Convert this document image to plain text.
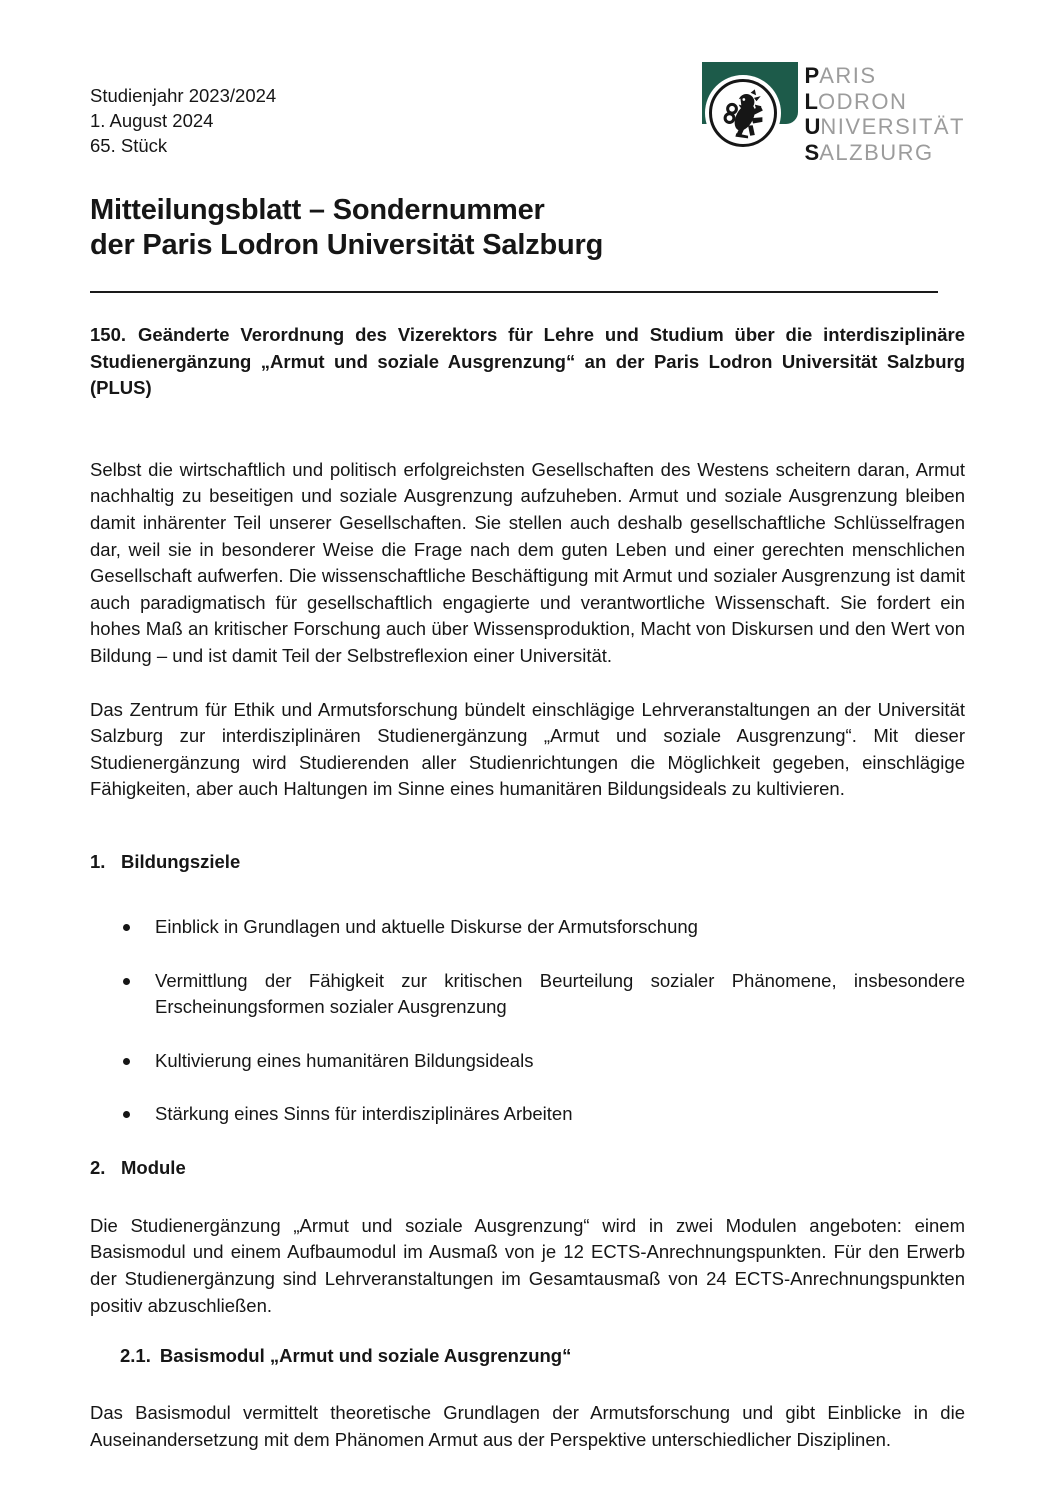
Studienjahr 2023/2024
1. August 2024
65. Stück
PARIS
LODRON
UNIVERSITÄT
SALZBURG
Mitteilungsblatt – Sondernummer
der Paris Lodron Universität Salzburg

150. Geänderte Verordnung des Vizerektors für Lehre und Studium über die interdisziplinäre Studienergänzung „Armut und soziale Ausgrenzung“ an der Paris Lodron Universität Salzburg (PLUS)

Selbst die wirtschaftlich und politisch erfolgreichsten Gesellschaften des Westens scheitern daran, Armut nachhaltig zu beseitigen und soziale Ausgrenzung aufzuheben. Armut und soziale Ausgrenzung bleiben damit inhärenter Teil unserer Gesellschaften. Sie stellen auch deshalb gesellschaftliche Schlüsselfragen dar, weil sie in besonderer Weise die Frage nach dem guten Leben und einer gerechten menschlichen Gesellschaft aufwerfen. Die wissenschaftliche Beschäftigung mit Armut und sozialer Ausgrenzung ist damit auch paradigmatisch für gesellschaftlich engagierte und verantwortliche Wissenschaft. Sie fordert ein hohes Maß an kritischer Forschung auch über Wissensproduktion, Macht von Diskursen und den Wert von Bildung – und ist damit Teil der Selbstreflexion einer Universität.

Das Zentrum für Ethik und Armutsforschung bündelt einschlägige Lehrveranstaltungen an der Universität Salzburg zur interdisziplinären Studienergänzung „Armut und soziale Ausgrenzung“. Mit dieser Studienergänzung wird Studierenden aller Studienrichtungen die Möglichkeit gegeben, einschlägige Fähigkeiten, aber auch Haltungen im Sinne eines humanitären Bildungsideals zu kultivieren.

1. Bildungsziele
Einblick in Grundlagen und aktuelle Diskurse der Armutsforschung
Vermittlung der Fähigkeit zur kritischen Beurteilung sozialer Phänomene, insbesondere Erscheinungsformen sozialer Ausgrenzung
Kultivierung eines humanitären Bildungsideals
Stärkung eines Sinns für interdisziplinäres Arbeiten
2. Module

Die Studienergänzung „Armut und soziale Ausgrenzung“ wird in zwei Modulen angeboten: einem Basismodul und einem Aufbaumodul im Ausmaß von je 12 ECTS-Anrechnungspunkten. Für den Erwerb der Studienergänzung sind Lehrveranstaltungen im Gesamtausmaß von 24 ECTS-Anrechnungspunkten positiv abzuschließen.

2.1. Basismodul „Armut und soziale Ausgrenzung“

Das Basismodul vermittelt theoretische Grundlagen der Armutsforschung und gibt Einblicke in die Auseinandersetzung mit dem Phänomen Armut aus der Perspektive unterschiedlicher Disziplinen.
